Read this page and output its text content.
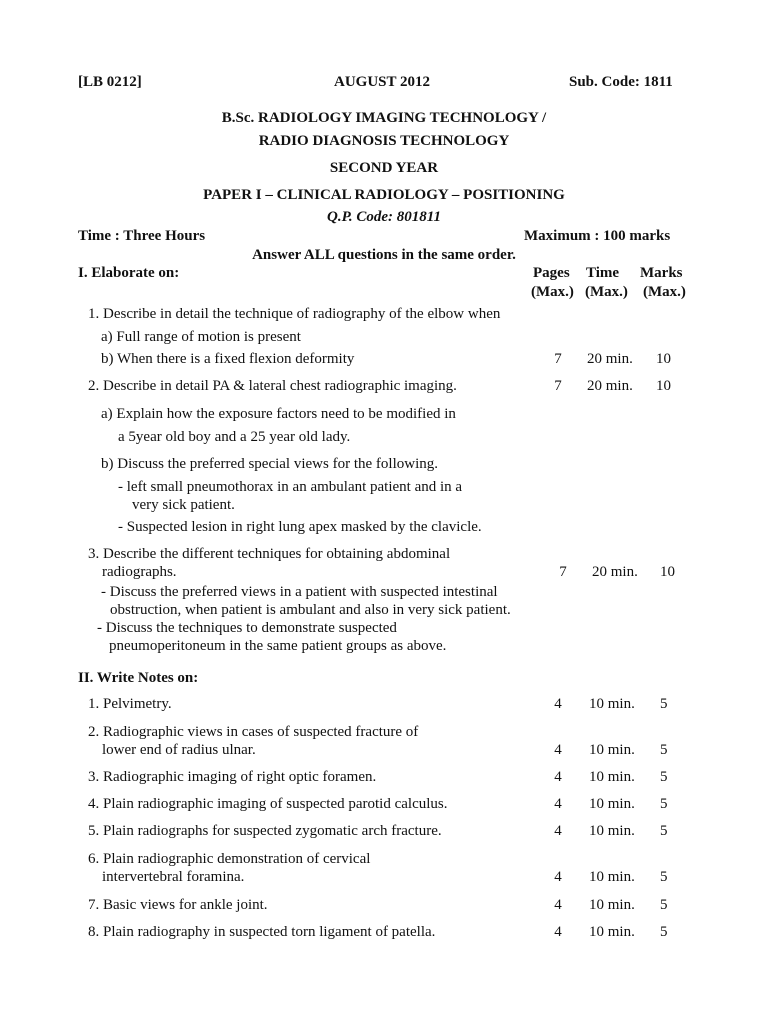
[LB 0212]	AUGUST 2012	Sub. Code: 1811
B.Sc. RADIOLOGY IMAGING TECHNOLOGY /
RADIO DIAGNOSIS TECHNOLOGY
SECOND YEAR
PAPER I – CLINICAL RADIOLOGY – POSITIONING
Q.P. Code: 801811
Time : Three Hours	Maximum : 100 marks
Answer ALL questions in the same order.
I. Elaborate on:	Pages Time Marks
(Max.) (Max.) (Max.)
1. Describe in detail the technique of radiography of the elbow when
a) Full range of motion is present
b) When there is a fixed flexion deformity	7	20 min. 10
2. Describe in detail PA & lateral chest radiographic imaging.	7	20 min. 10
a) Explain how the exposure factors need to be modified in
a 5year old boy and a 25 year old lady.
b) Discuss the preferred special views for the following.
- left small pneumothorax in an ambulant patient and in a
very sick patient.
- Suspected lesion in right lung apex masked by the clavicle.
3. Describe the different techniques for obtaining abdominal
radiographs.	7	20 min. 10
- Discuss the preferred views in a patient with suspected intestinal
obstruction, when patient is ambulant and also in very sick patient.
- Discuss the techniques to demonstrate suspected
pneumoperitoneum in the same patient groups as above.
II. Write Notes on:
1. Pelvimetry.	4	10 min. 5
2. Radiographic views in cases of suspected fracture of
lower end of radius ulnar.	4	10 min. 5
3. Radiographic imaging of right optic foramen.	4	10 min. 5
4. Plain radiographic imaging of suspected parotid calculus.	4	10 min. 5
5. Plain radiographs for suspected zygomatic arch fracture.	4	10 min. 5
6. Plain radiographic demonstration of cervical
intervertebral foramina.	4	10 min. 5
7. Basic views for ankle joint.	4	10 min. 5
8. Plain radiography in suspected torn ligament of patella.	4	10 min. 5
